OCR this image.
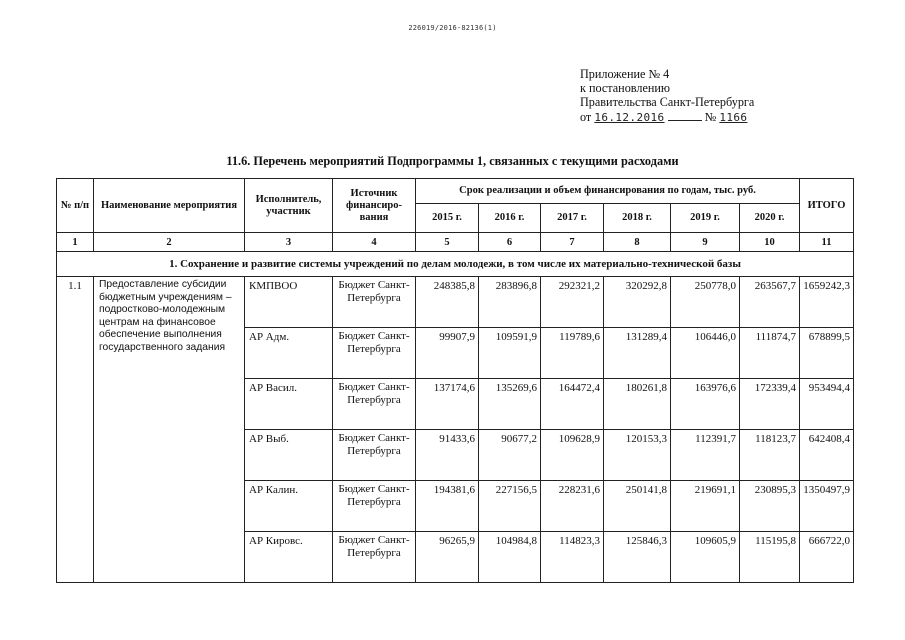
226019/2016-82136(1)
Приложение № 4
к постановлению
Правительства Санкт-Петербурга
от 16.12.2016	№ 1166
11.6. Перечень мероприятий Подпрограммы 1, связанных с текущими расходами
№ п/п	Наименование мероприятия	Исполнитель, участник	Источник финансиро-вания	Срок реализации и объем финансирования по годам, тыс. руб.						ИТОГО
				2015 г.	2016 г.	2017 г.	2018 г.	2019 г.	2020 г.	
1	2	3	4	5	6	7	8	9	10	11
1. Сохранение и развитие системы учреждений по делам молодежи, в том числе их материально-технической базы										
1.1	Предоставление субсидии бюджетным учреждениям – подростково-молодежным центрам на финансовое обеспечение выполнения государственного задания	КМПВОО	Бюджет Санкт-Петербурга	248385,8	283896,8	292321,2	320292,8	250778,0	263567,7	1659242,3
		АР Адм.	Бюджет Санкт-Петербурга	99907,9	109591,9	119789,6	131289,4	106446,0	111874,7	678899,5
		АР Васил.	Бюджет Санкт-Петербурга	137174,6	135269,6	164472,4	180261,8	163976,6	172339,4	953494,4
		АР Выб.	Бюджет Санкт-Петербурга	91433,6	90677,2	109628,9	120153,3	112391,7	118123,7	642408,4
		АР Калин.	Бюджет Санкт-Петербурга	194381,6	227156,5	228231,6	250141,8	219691,1	230895,3	1350497,9
		АР Кировс.	Бюджет Санкт-Петербурга	96265,9	104984,8	114823,3	125846,3	109605,9	115195,8	666722,0
